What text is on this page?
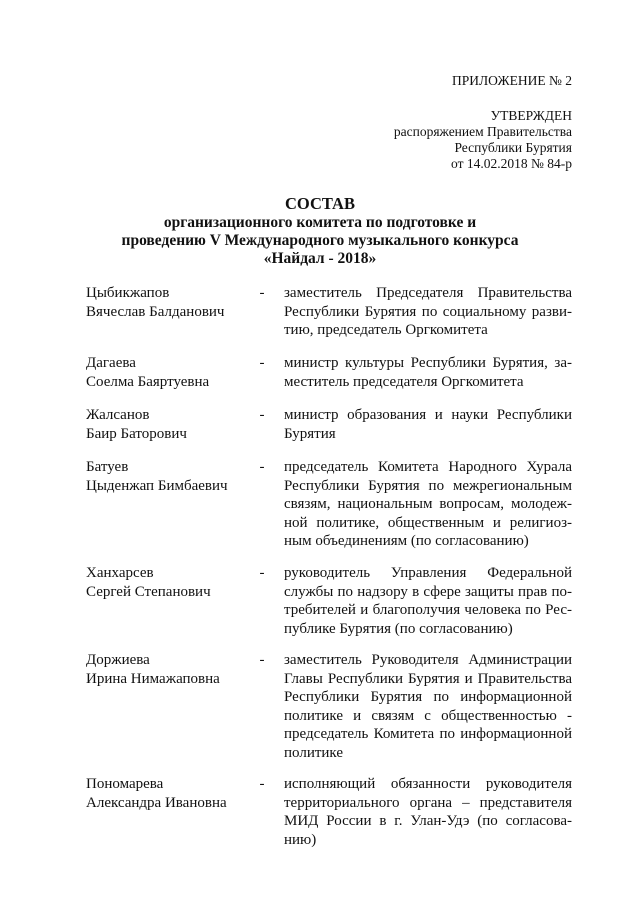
ПРИЛОЖЕНИЕ № 2
УТВЕРЖДЕН
распоряжением Правительства
Республики Бурятия
от 14.02.2018 № 84-р
СОСТАВ
организационного комитета по подготовке и
проведению V Международного музыкального конкурса
«Найдал - 2018»
Цыбикжапов
Вячеслав Балданович
- заместитель Председателя Правительства
Республики Бурятия по социальному разви-
тию, председатель Оргкомитета
Дагаева
Соелма Баяртуевна
- министр культуры Республики Бурятия, за-
меститель председателя Оргкомитета
Жалсанов
Баир Баторович
- министр образования и науки Республики
Бурятия
Батуев
Цыденжап Бимбаевич
- председатель Комитета Народного Хурала
Республики Бурятия по межрегиональным
связям, национальным вопросам, молодеж-
ной политике, общественным и религиоз-
ным объединениям (по согласованию)
Ханхарсев
Сергей Степанович
- руководитель Управления Федеральной
службы по надзору в сфере защиты прав по-
требителей и благополучия человека по Рес-
публике Бурятия (по согласованию)
Доржиева
Ирина Нимажаповна
- заместитель Руководителя Администрации
Главы Республики Бурятия и Правительства
Республики Бурятия по информационной
политике и связям с общественностью -
председатель Комитета по информационной
политике
Пономарева
Александра Ивановна
- исполняющий обязанности руководителя
территориального органа – представителя
МИД России в г. Улан-Удэ (по согласова-
нию)
